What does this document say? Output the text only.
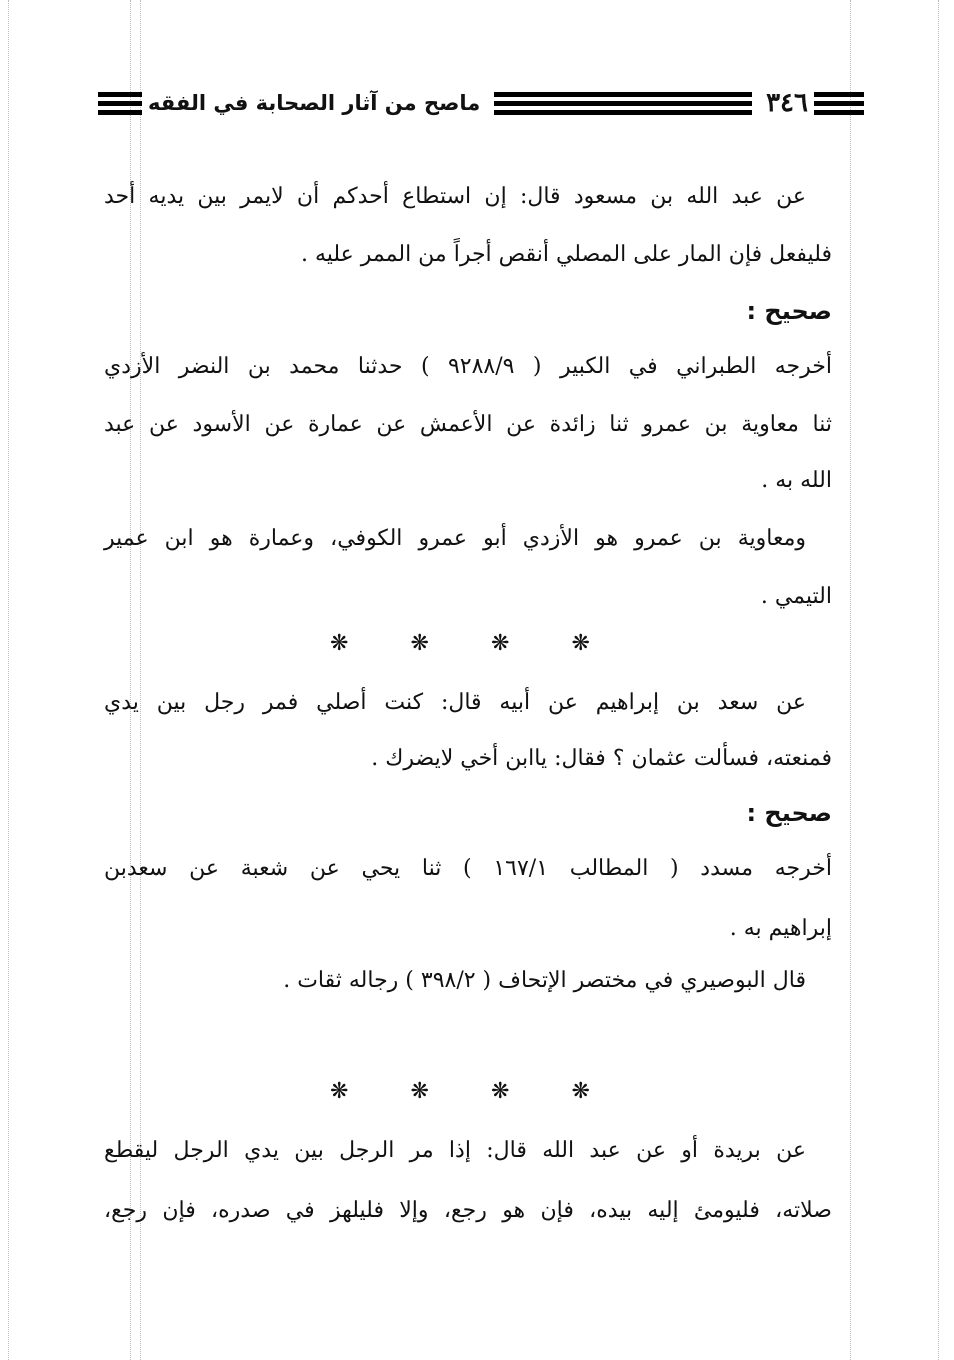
٣٤٦
ماصح من آثار الصحابة في الفقه
عن عبد الله بن مسعود قال: إن استطاع أحدكم أن لايمر بين يديه أحد
فليفعل فإن المار على المصلي أنقص أجراً من الممر عليه .
صحيح :
أخرجه الطبراني في الكبير ( ٩٢٨٨/٩ ) حدثنا محمد بن النضر الأزدي
ثنا معاوية بن عمرو ثنا زائدة عن الأعمش عن عمارة عن الأسود عن عبد
الله به .
ومعاوية بن عمرو هو الأزدي أبو عمرو الكوفي، وعمارة هو ابن عمير
التيمي .
❋	❋	❋	❋
عن سعد بن إبراهيم عن أبيه قال: كنت أصلي فمر رجل بين يدي
فمنعته، فسألت عثمان ؟ فقال: ياابن أخي لايضرك .
صحيح :
أخرجه مسدد ( المطالب ١٦٧/١ ) ثنا يحي عن شعبة عن سعدبن
إبراهيم به .
قال البوصيري في مختصر الإتحاف ( ٣٩٨/٢ ) رجاله ثقات .
❋	❋	❋	❋
عن بريدة أو عن عبد الله قال: إذا مر الرجل بين يدي الرجل ليقطع
صلاته، فليومئ إليه بيده، فإن هو رجع، وإلا فليلهز في صدره، فإن رجع،
